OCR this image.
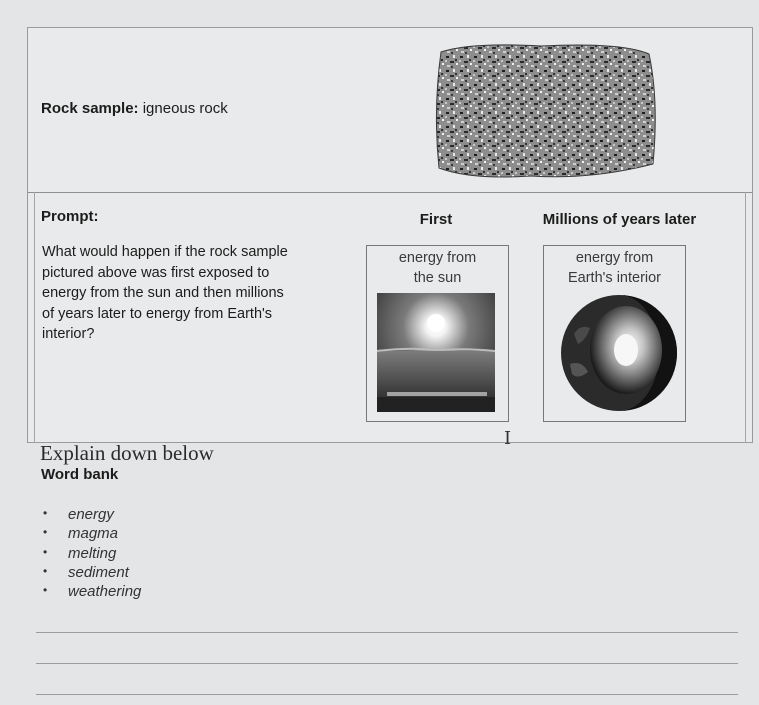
Rock sample: igneous rock
Prompt:
What would happen if the rock sample pictured above was first exposed to energy from the sun and then millions of years later to energy from Earth's interior?
First	Millions of years later
energy from
the sun
energy from
Earth's interior
I
Explain down below
Word bank
• energy
• magma
• melting
• sediment
• weathering
